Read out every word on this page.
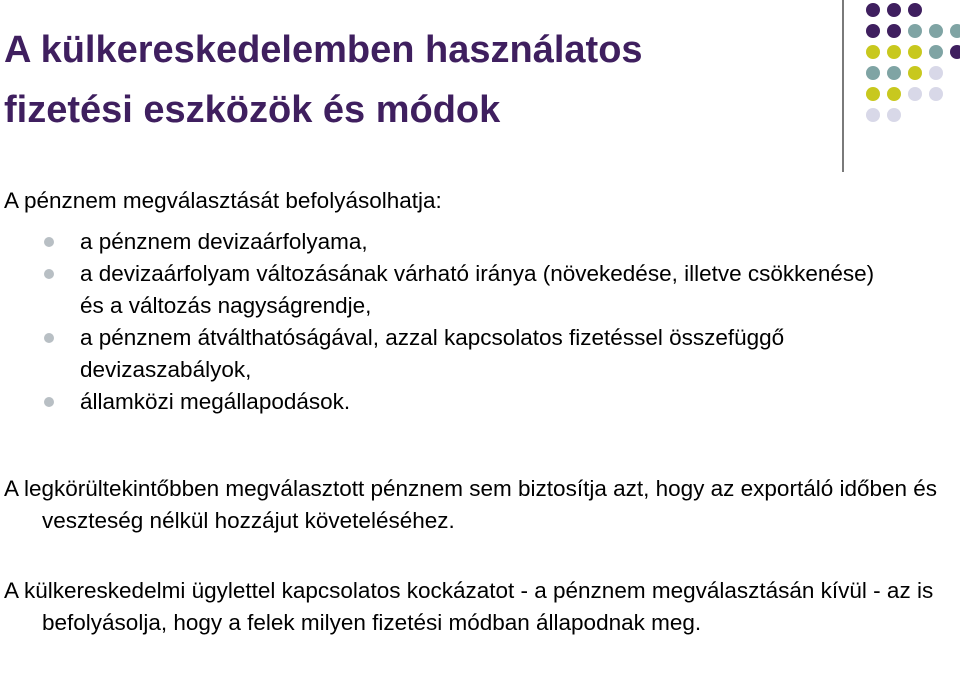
A külkereskedelemben használatos
fizetési eszközök és módok

A pénznem megválasztását befolyásolhatja:

a pénznem devizaárfolyama,
a devizaárfolyam változásának várható iránya (növekedése, illetve csökkenése) és a változás nagyságrendje,
a pénznem átválthatóságával, azzal kapcsolatos fizetéssel összefüggő devizaszabályok,
államközi megállapodások.

A legkörültekintőbben megválasztott pénznem sem biztosítja azt, hogy az exportáló időben és veszteség nélkül hozzájut követeléséhez.

A külkereskedelmi ügylettel kapcsolatos kockázatot - a pénznem megválasztásán kívül - az is befolyásolja, hogy a felek milyen fizetési módban állapodnak meg.
